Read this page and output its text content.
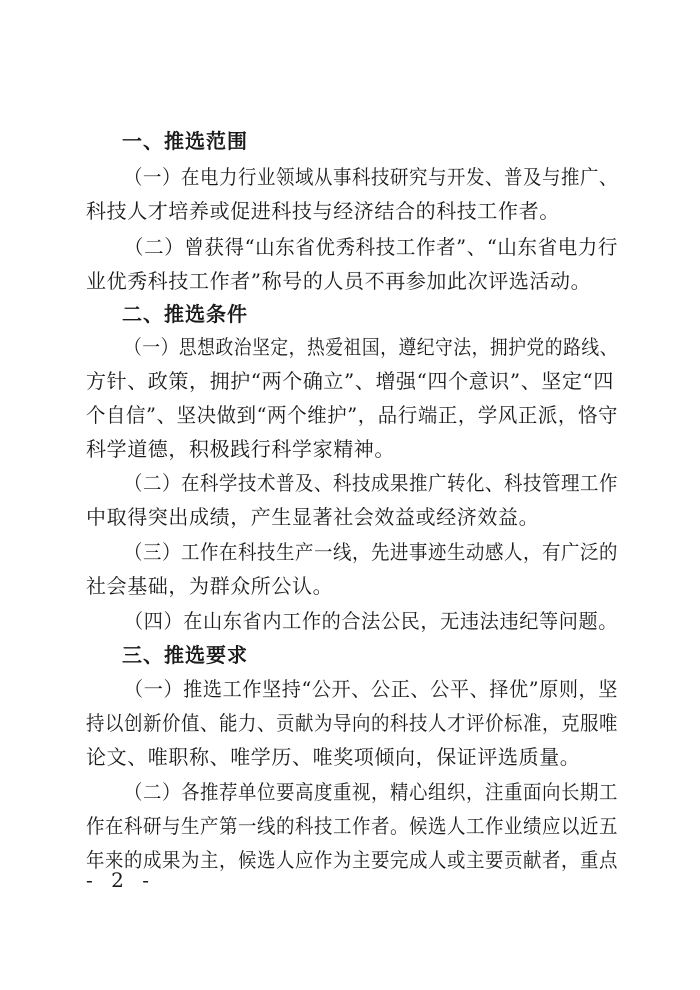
一、推选范围
（一）在电力行业领域从事科技研究与开发、普及与推广、
科技人才培养或促进科技与经济结合的科技工作者。
（二）曾获得“山东省优秀科技工作者”、“山东省电力行
业优秀科技工作者”称号的人员不再参加此次评选活动。
二、推选条件
（一）思想政治坚定，热爱祖国，遵纪守法，拥护党的路线、
方针、政策，拥护“两个确立”、增强“四个意识”、坚定“四
个自信”、坚决做到“两个维护”，品行端正，学风正派，恪守
科学道德，积极践行科学家精神。
（二）在科学技术普及、科技成果推广转化、科技管理工作
中取得突出成绩，产生显著社会效益或经济效益。
（三）工作在科技生产一线，先进事迹生动感人，有广泛的
社会基础，为群众所公认。
（四）在山东省内工作的合法公民，无违法违纪等问题。
三、推选要求
（一）推选工作坚持“公开、公正、公平、择优”原则，坚
持以创新价值、能力、贡献为导向的科技人才评价标准，克服唯
论文、唯职称、唯学历、唯奖项倾向，保证评选质量。
（二）各推荐单位要高度重视，精心组织，注重面向长期工
作在科研与生产第一线的科技工作者。候选人工作业绩应以近五
年来的成果为主，候选人应作为主要完成人或主要贡献者，重点
- 2 -
